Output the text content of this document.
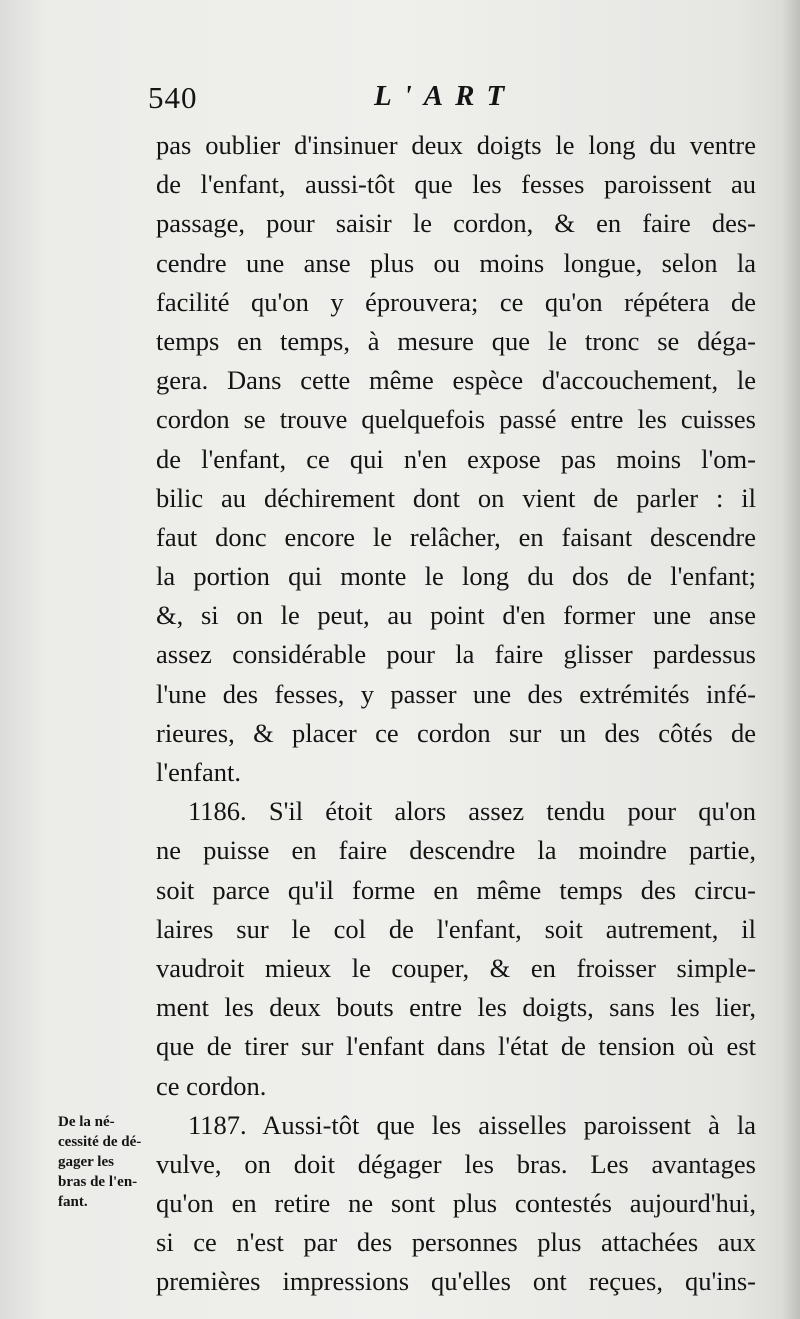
540	L'ART
pas oublier d'insinuer deux doigts le long du ventre
de l'enfant, aussi-tôt que les fesses paroissent au
passage, pour saisir le cordon, & en faire des-
cendre une anse plus ou moins longue, selon la
facilité qu'on y éprouvera; ce qu'on répétera de
temps en temps, à mesure que le tronc se déga-
gera. Dans cette même espèce d'accouchement, le
cordon se trouve quelquefois passé entre les cuisses
de l'enfant, ce qui n'en expose pas moins l'om-
bilic au déchirement dont on vient de parler : il
faut donc encore le relâcher, en faisant descendre
la portion qui monte le long du dos de l'enfant;
&, si on le peut, au point d'en former une anse
assez considérable pour la faire glisser pardessus
l'une des fesses, y passer une des extrémités infé-
rieures, & placer ce cordon sur un des côtés de
l'enfant.
1186. S'il étoit alors assez tendu pour qu'on
ne puisse en faire descendre la moindre partie,
soit parce qu'il forme en même temps des circu-
laires sur le col de l'enfant, soit autrement, il
vaudroit mieux le couper, & en froisser simple-
ment les deux bouts entre les doigts, sans les lier,
que de tirer sur l'enfant dans l'état de tension où est
ce cordon.
1187. Aussi-tôt que les aisselles paroissent à la
vulve, on doit dégager les bras. Les avantages
qu'on en retire ne sont plus contestés aujourd'hui,
si ce n'est par des personnes plus attachées aux
premières impressions qu'elles ont reçues, qu'ins-
De la né-
cessité de dé-
gager les
bras de l'en-
fant.
